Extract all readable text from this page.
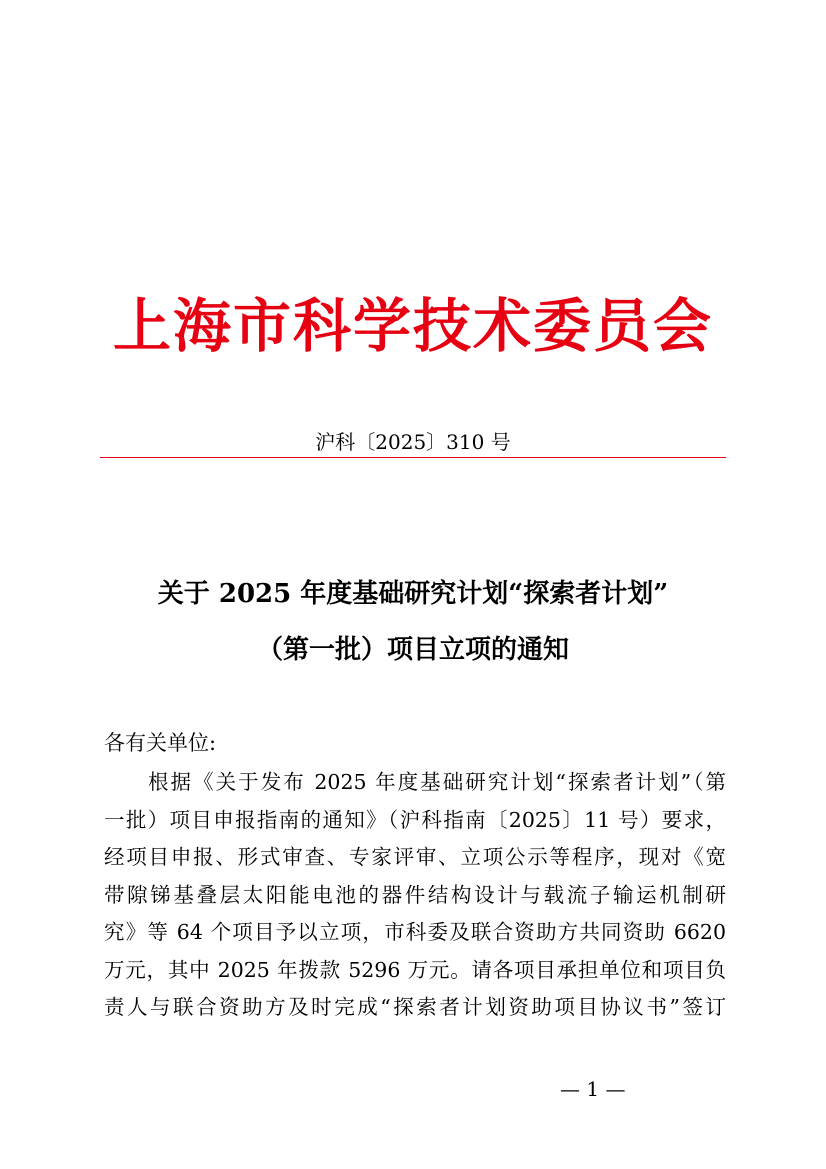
上海市科学技术委员会
沪科〔2025〕310 号
关于 2025 年度基础研究计划“探索者计划”
（第一批）项目立项的通知
各有关单位:
根据《关于发布 2025 年度基础研究计划“探索者计划”（第
一批）项目申报指南的通知》（沪科指南〔2025〕11 号）要求，
经项目申报、形式审查、专家评审、立项公示等程序，现对《宽
带隙锑基叠层太阳能电池的器件结构设计与载流子输运机制研
究》等 64 个项目予以立项，市科委及联合资助方共同资助 6620
万元，其中 2025 年拨款 5296 万元。请各项目承担单位和项目负
责人与联合资助方及时完成“探索者计划资助项目协议书”签订
— 1 —
